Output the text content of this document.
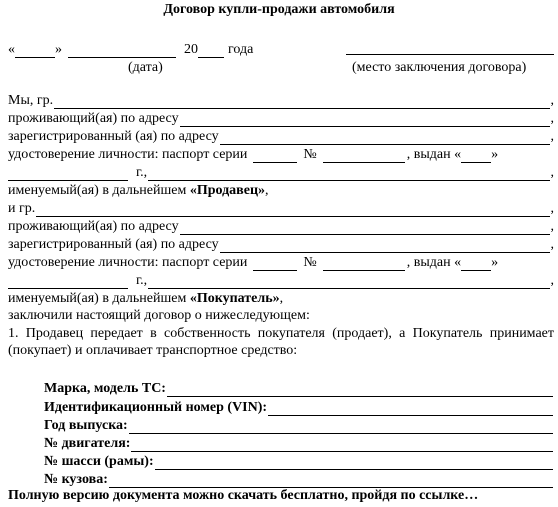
Договор купли-продажи автомобиля
«	»	20 года
(дата)	(место заключения договора)
Мы, гр.	,
проживающий(ая) по адресу	,
зарегистрированный (ая) по адресу	,
удостоверение личности: паспорт серии	№	, выдан « »
г.,	,
именуемый(ая) в дальнейшем
«Продавец» ,
и гр.	,
проживающий(ая) по адресу	,
зарегистрированный (ая) по адресу	,
удостоверение личности: паспорт серии	№	, выдан « »
г.,	,
именуемый(ая) в дальнейшем
«Покупатель» ,
заключили настоящий договор о нижеследующем:
1. Продавец передает в собственность покупателя (продает), а Покупатель принимает (покупает) и оплачивает транспортное средство:
Марка, модель ТС:
Идентификационный номер (VIN):
Год выпуска:
№ двигателя:
№ шасси (рамы):
№ кузова:
Полную версию документа можно скачать бесплатно, пройдя по ссылке…
